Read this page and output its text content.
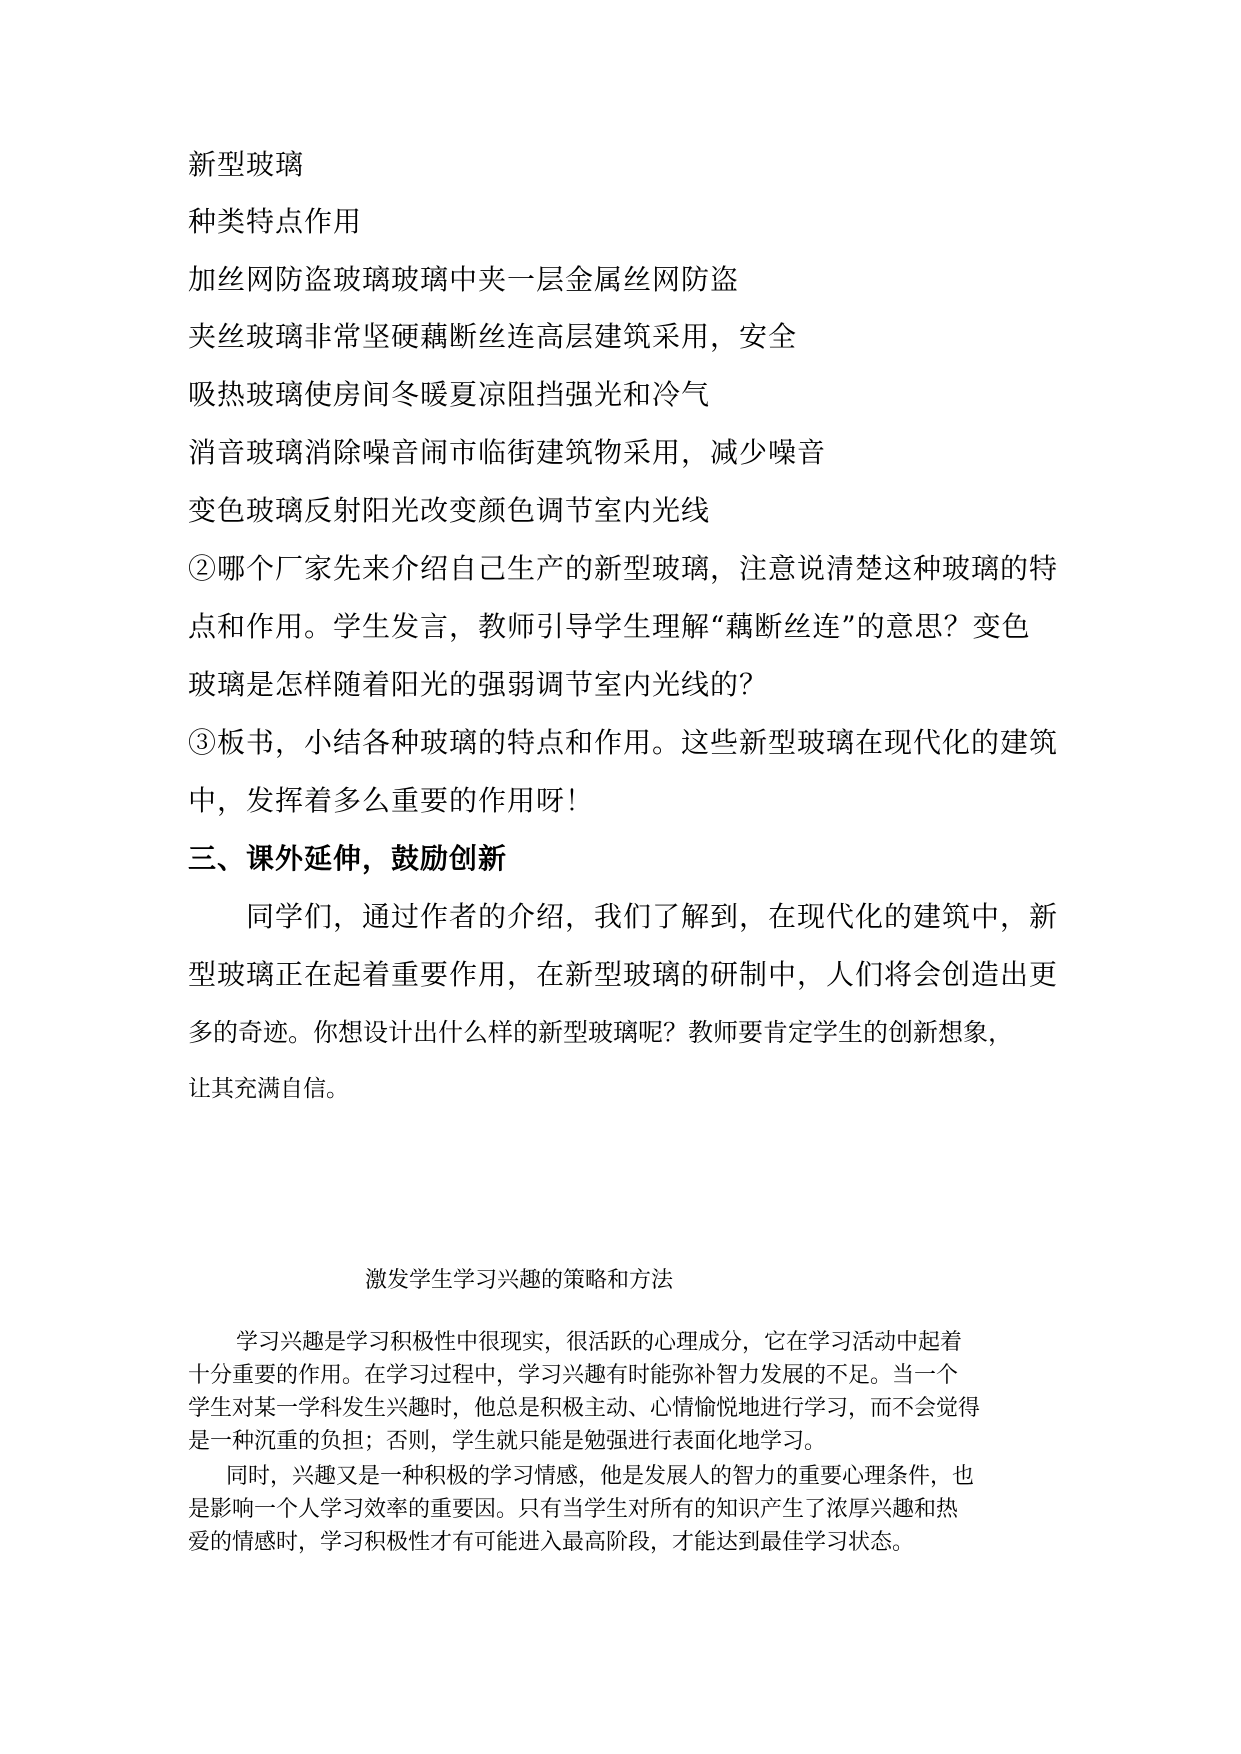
新型玻璃
种类特点作用
加丝网防盗玻璃玻璃中夹一层金属丝网防盗
夹丝玻璃非常坚硬藕断丝连高层建筑采用，安全
吸热玻璃使房间冬暖夏凉阻挡强光和冷气
消音玻璃消除噪音闹市临街建筑物采用，减少噪音
变色玻璃反射阳光改变颜色调节室内光线
②哪个厂家先来介绍自己生产的新型玻璃，注意说清楚这种玻璃的特
点和作用。学生发言，教师引导学生理解“藕断丝连”的意思？变色
玻璃是怎样随着阳光的强弱调节室内光线的？
③板书，小结各种玻璃的特点和作用。这些新型玻璃在现代化的建筑
中，发挥着多么重要的作用呀！
三、课外延伸，鼓励创新
同学们，通过作者的介绍，我们了解到，在现代化的建筑中，新
型玻璃正在起着重要作用，在新型玻璃的研制中，人们将会创造出更
多的奇迹。你想设计出什么样的新型玻璃呢？教师要肯定学生的创新想象，
让其充满自信。
激发学生学习兴趣的策略和方法
学习兴趣是学习积极性中很现实，很活跃的心理成分，它在学习活动中起着
十分重要的作用。在学习过程中，学习兴趣有时能弥补智力发展的不足。当一个
学生对某一学科发生兴趣时，他总是积极主动、心情愉悦地进行学习，而不会觉得
是一种沉重的负担；否则，学生就只能是勉强进行表面化地学习。
同时，兴趣又是一种积极的学习情感，他是发展人的智力的重要心理条件，也
是影响一个人学习效率的重要因。只有当学生对所有的知识产生了浓厚兴趣和热
爱的情感时，学习积极性才有可能进入最高阶段，才能达到最佳学习状态。
